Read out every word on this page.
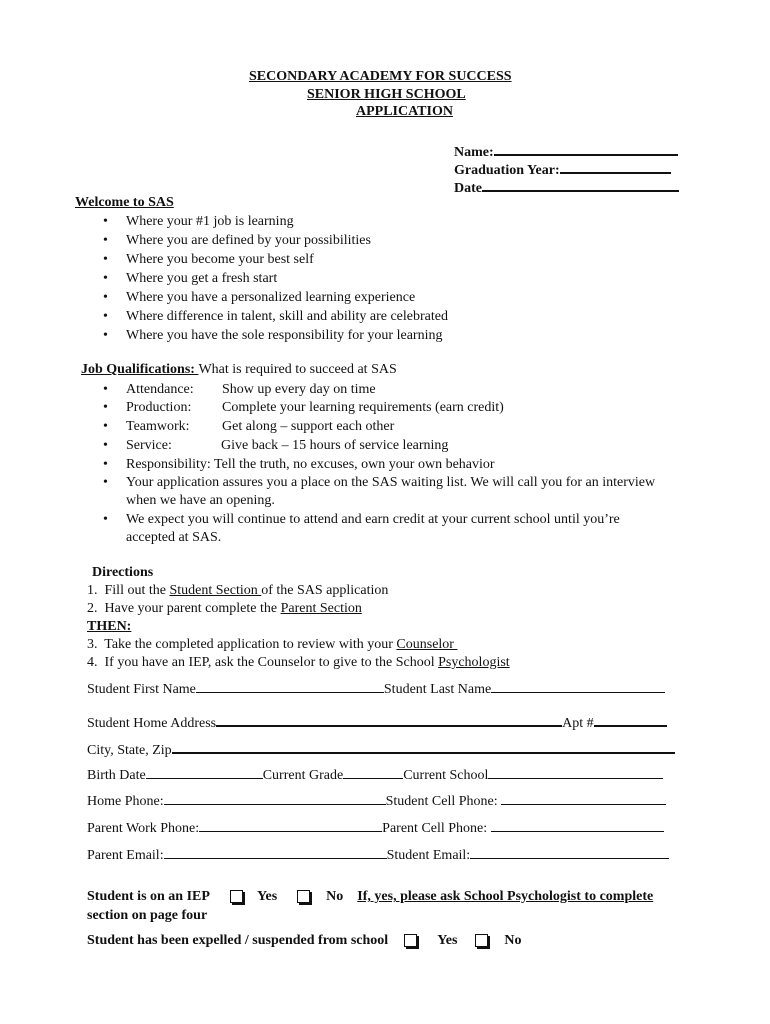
SECONDARY ACADEMY FOR SUCCESS
SENIOR HIGH SCHOOL
APPLICATION
Name:
Graduation Year:
Date
Welcome to SAS
• Where your #1 job is learning
• Where you are defined by your possibilities
• Where you become your best self
• Where you get a fresh start
• Where you have a personalized learning experience
• Where difference in talent, skill and ability are celebrated
• Where you have the sole responsibility for your learning
Job Qualifications: What is required to succeed at SAS
• Attendance: Show up every day on time
• Production: Complete your learning requirements (earn credit)
• Teamwork: Get along – support each other
• Service:	Give back – 15 hours of service learning
• Responsibility: Tell the truth, no excuses, own your own behavior
• Your application assures you a place on the SAS waiting list. We will call you for an interview
when we have an opening.
• We expect you will continue to attend and earn credit at your current school until you’re
accepted at SAS.
Directions
1.  Fill out the Student Section of the SAS application
2.  Have your parent complete the Parent Section
THEN:
3.  Take the completed application to review with your Counselor
4.  If you have an IEP, ask the Counselor to give to the School Psychologist
Student First Name	Student Last Name
Student Home Address	Apt #
City, State, Zip
Birth Date	Current Grade	Current School
Home Phone:	Student Cell Phone:
Parent Work Phone:	Parent Cell Phone:
Parent Email:	Student Email:
Student is on an IEP	Yes	No If, yes, please ask School Psychologist to complete
section on page four
Student has been expelled / suspended from school	Yes	No
